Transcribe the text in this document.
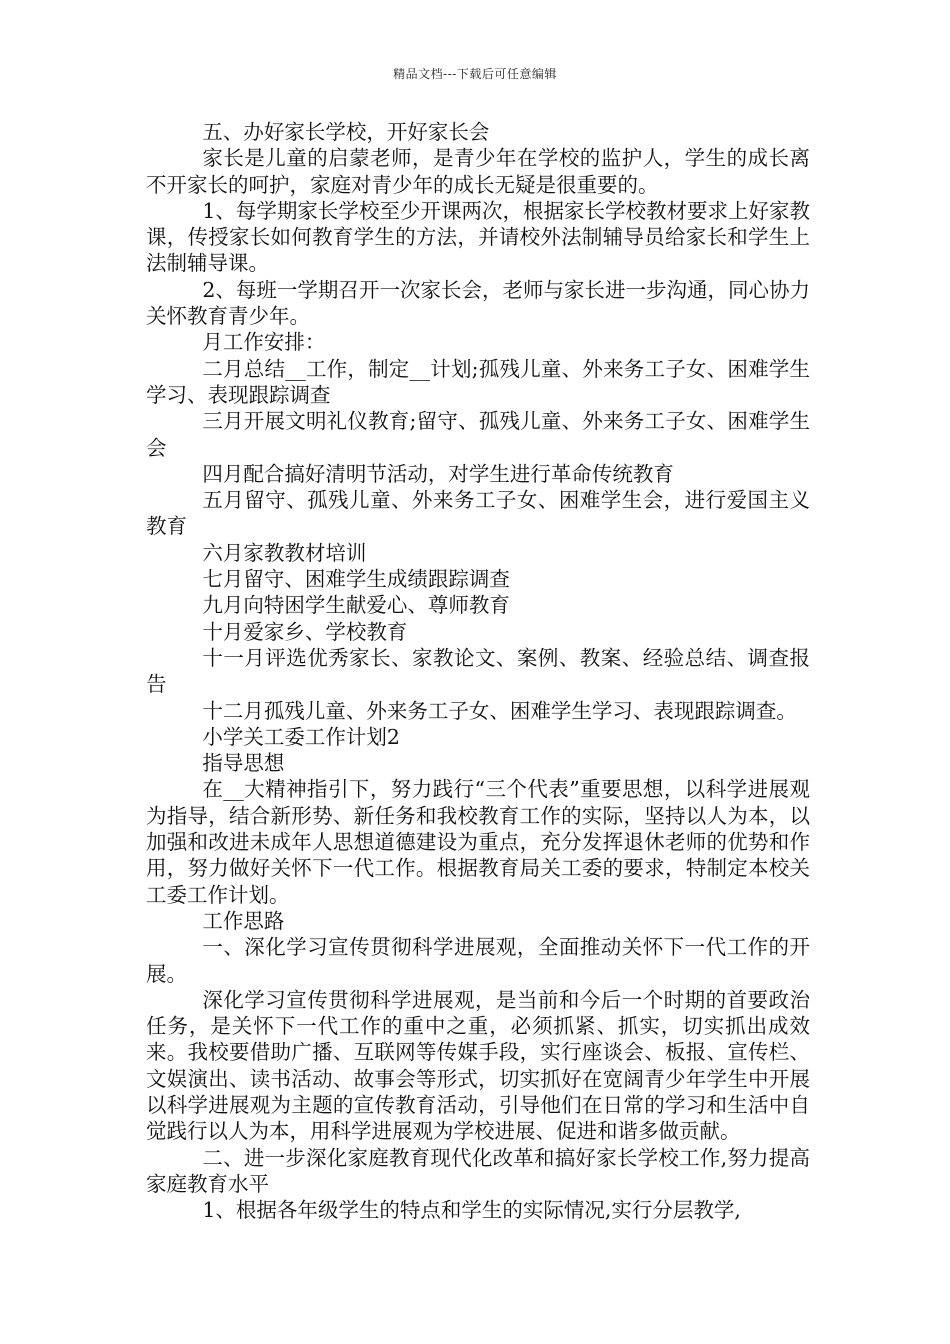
精品文档---下载后可任意编辑

五、办好家长学校，开好家长会

家长是儿童的启蒙老师，是青少年在学校的监护人，学生的成长离不开家长的呵护，家庭对青少年的成长无疑是很重要的。

1、每学期家长学校至少开课两次，根据家长学校教材要求上好家教课，传授家长如何教育学生的方法，并请校外法制辅导员给家长和学生上法制辅导课。

2、每班一学期召开一次家长会，老师与家长进一步沟通，同心协力关怀教育青少年。

月工作安排：

二月总结__工作，制定__计划;孤残儿童、外来务工子女、困难学生学习、表现跟踪调查

三月开展文明礼仪教育;留守、孤残儿童、外来务工子女、困难学生会

四月配合搞好清明节活动，对学生进行革命传统教育

五月留守、孤残儿童、外来务工子女、困难学生会，进行爱国主义教育

六月家教教材培训

七月留守、困难学生成绩跟踪调查

九月向特困学生献爱心、尊师教育

十月爱家乡、学校教育

十一月评选优秀家长、家教论文、案例、教案、经验总结、调查报告

十二月孤残儿童、外来务工子女、困难学生学习、表现跟踪调查。

小学关工委工作计划2

指导思想

在__大精神指引下，努力践行“三个代表”重要思想，以科学进展观为指导，结合新形势、新任务和我校教育工作的实际，坚持以人为本，以加强和改进未成年人思想道德建设为重点，充分发挥退休老师的优势和作用，努力做好关怀下一代工作。根据教育局关工委的要求，特制定本校关工委工作计划。

工作思路

一、深化学习宣传贯彻科学进展观，全面推动关怀下一代工作的开展。

深化学习宣传贯彻科学进展观，是当前和今后一个时期的首要政治任务，是关怀下一代工作的重中之重，必须抓紧、抓实，切实抓出成效来。我校要借助广播、互联网等传媒手段，实行座谈会、板报、宣传栏、文娱演出、读书活动、故事会等形式，切实抓好在宽阔青少年学生中开展以科学进展观为主题的宣传教育活动，引导他们在日常的学习和生活中自觉践行以人为本，用科学进展观为学校进展、促进和谐多做贡献。

二、进一步深化家庭教育现代化改革和搞好家长学校工作,努力提高家庭教育水平

1、根据各年级学生的特点和学生的实际情况,实行分层教学,
